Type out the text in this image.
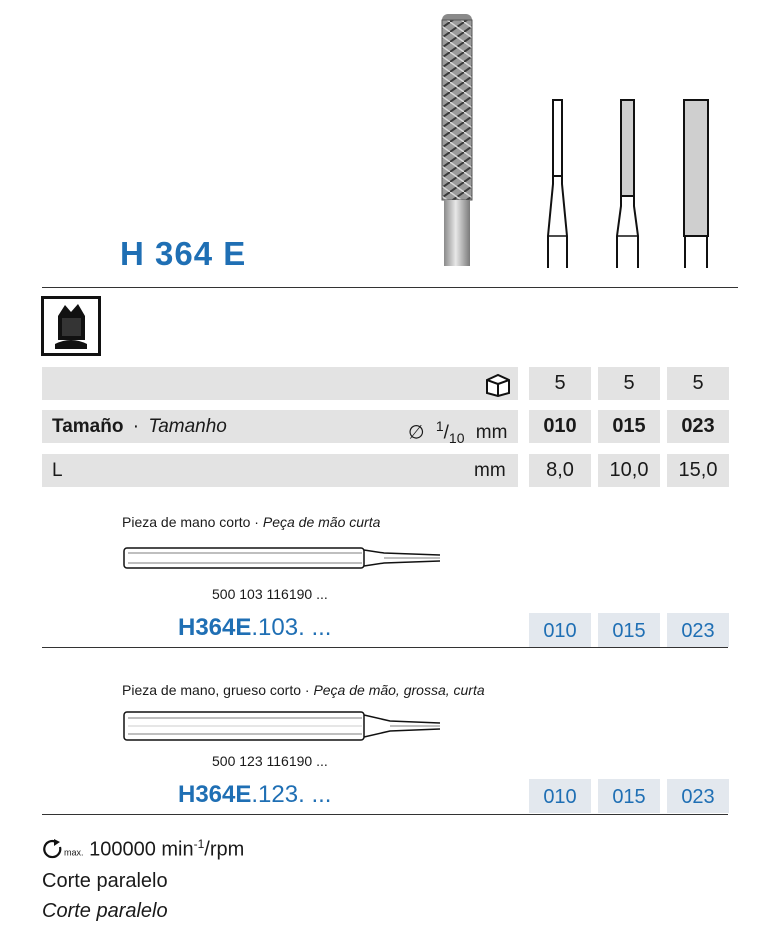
H 364 E
5	5	5
Tamaño · Tamanho	∅ $^1/_{10}$ mm	010	015	023
L	mm	8,0	10,0	15,0
Pieza de mano corto · Peça de mão curta
500 103 116190 ...
H364E.103. ...	010	015	023
Pieza de mano, grueso corto · Peça de mão, grossa, curta
500 123 116190 ...
H364E.123. ...	010	015	023
max. 100000 $\min^{-1}$/rpm
Corte paralelo
Corte paralelo
